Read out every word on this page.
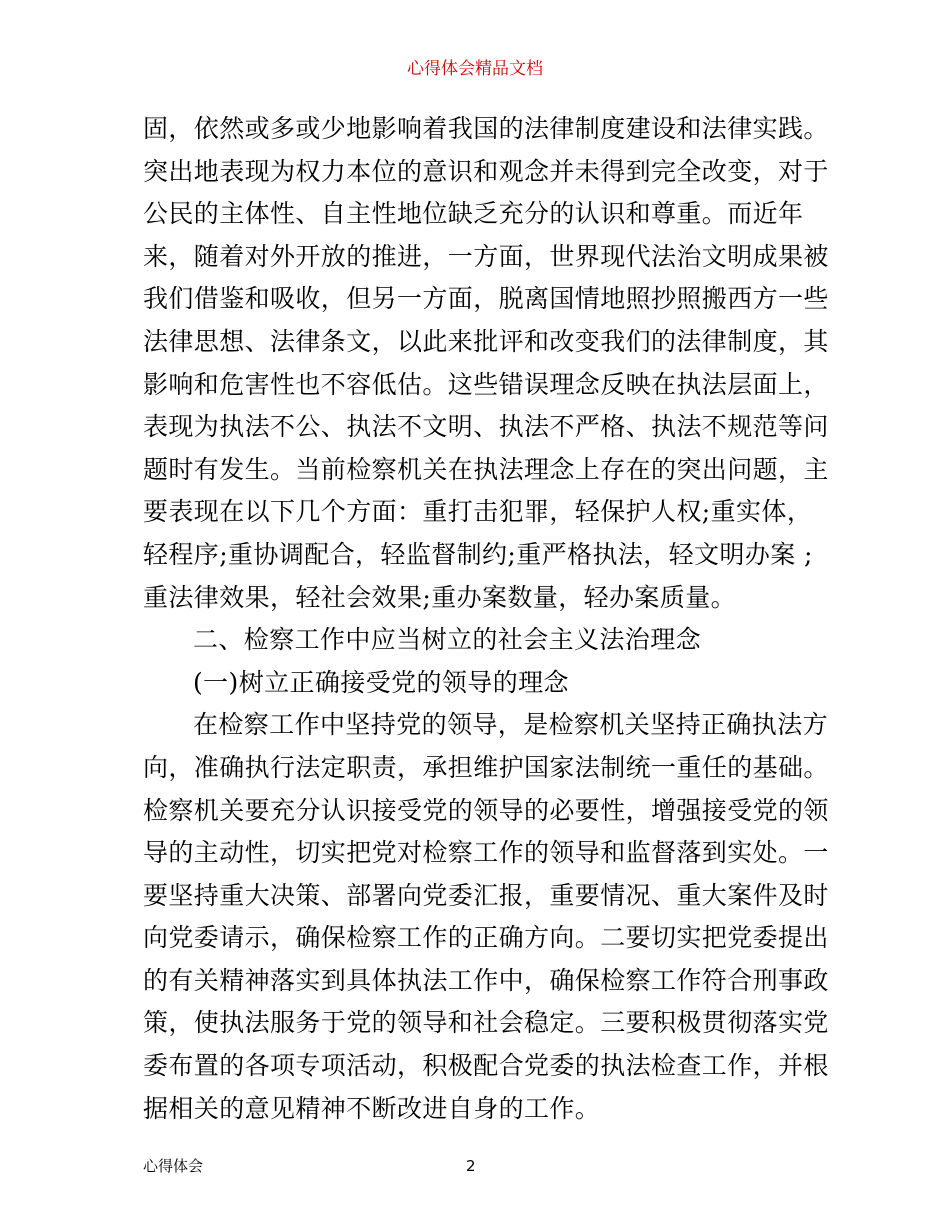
心得体会精品文档
固，依然或多或少地影响着我国的法律制度建设和法律实践。
突出地表现为权力本位的意识和观念并未得到完全改变，对于
公民的主体性、自主性地位缺乏充分的认识和尊重。而近年
来，随着对外开放的推进，一方面，世界现代法治文明成果被
我们借鉴和吸收，但另一方面，脱离国情地照抄照搬西方一些
法律思想、法律条文，以此来批评和改变我们的法律制度，其
影响和危害性也不容低估。这些错误理念反映在执法层面上，
表现为执法不公、执法不文明、执法不严格、执法不规范等问
题时有发生。当前检察机关在执法理念上存在的突出问题，主
要表现在以下几个方面：重打击犯罪，轻保护人权;重实体，
轻程序;重协调配合，轻监督制约;重严格执法，轻文明办案 ;
重法律效果，轻社会效果;重办案数量，轻办案质量。
二、检察工作中应当树立的社会主义法治理念
(一)树立正确接受党的领导的理念
在检察工作中坚持党的领导，是检察机关坚持正确执法方
向，准确执行法定职责，承担维护国家法制统一重任的基础。
检察机关要充分认识接受党的领导的必要性，增强接受党的领
导的主动性，切实把党对检察工作的领导和监督落到实处。一
要坚持重大决策、部署向党委汇报，重要情况、重大案件及时
向党委请示，确保检察工作的正确方向。二要切实把党委提出
的有关精神落实到具体执法工作中，确保检察工作符合刑事政
策，使执法服务于党的领导和社会稳定。三要积极贯彻落实党
委布置的各项专项活动，积极配合党委的执法检查工作，并根
据相关的意见精神不断改进自身的工作。
心得体会	2
